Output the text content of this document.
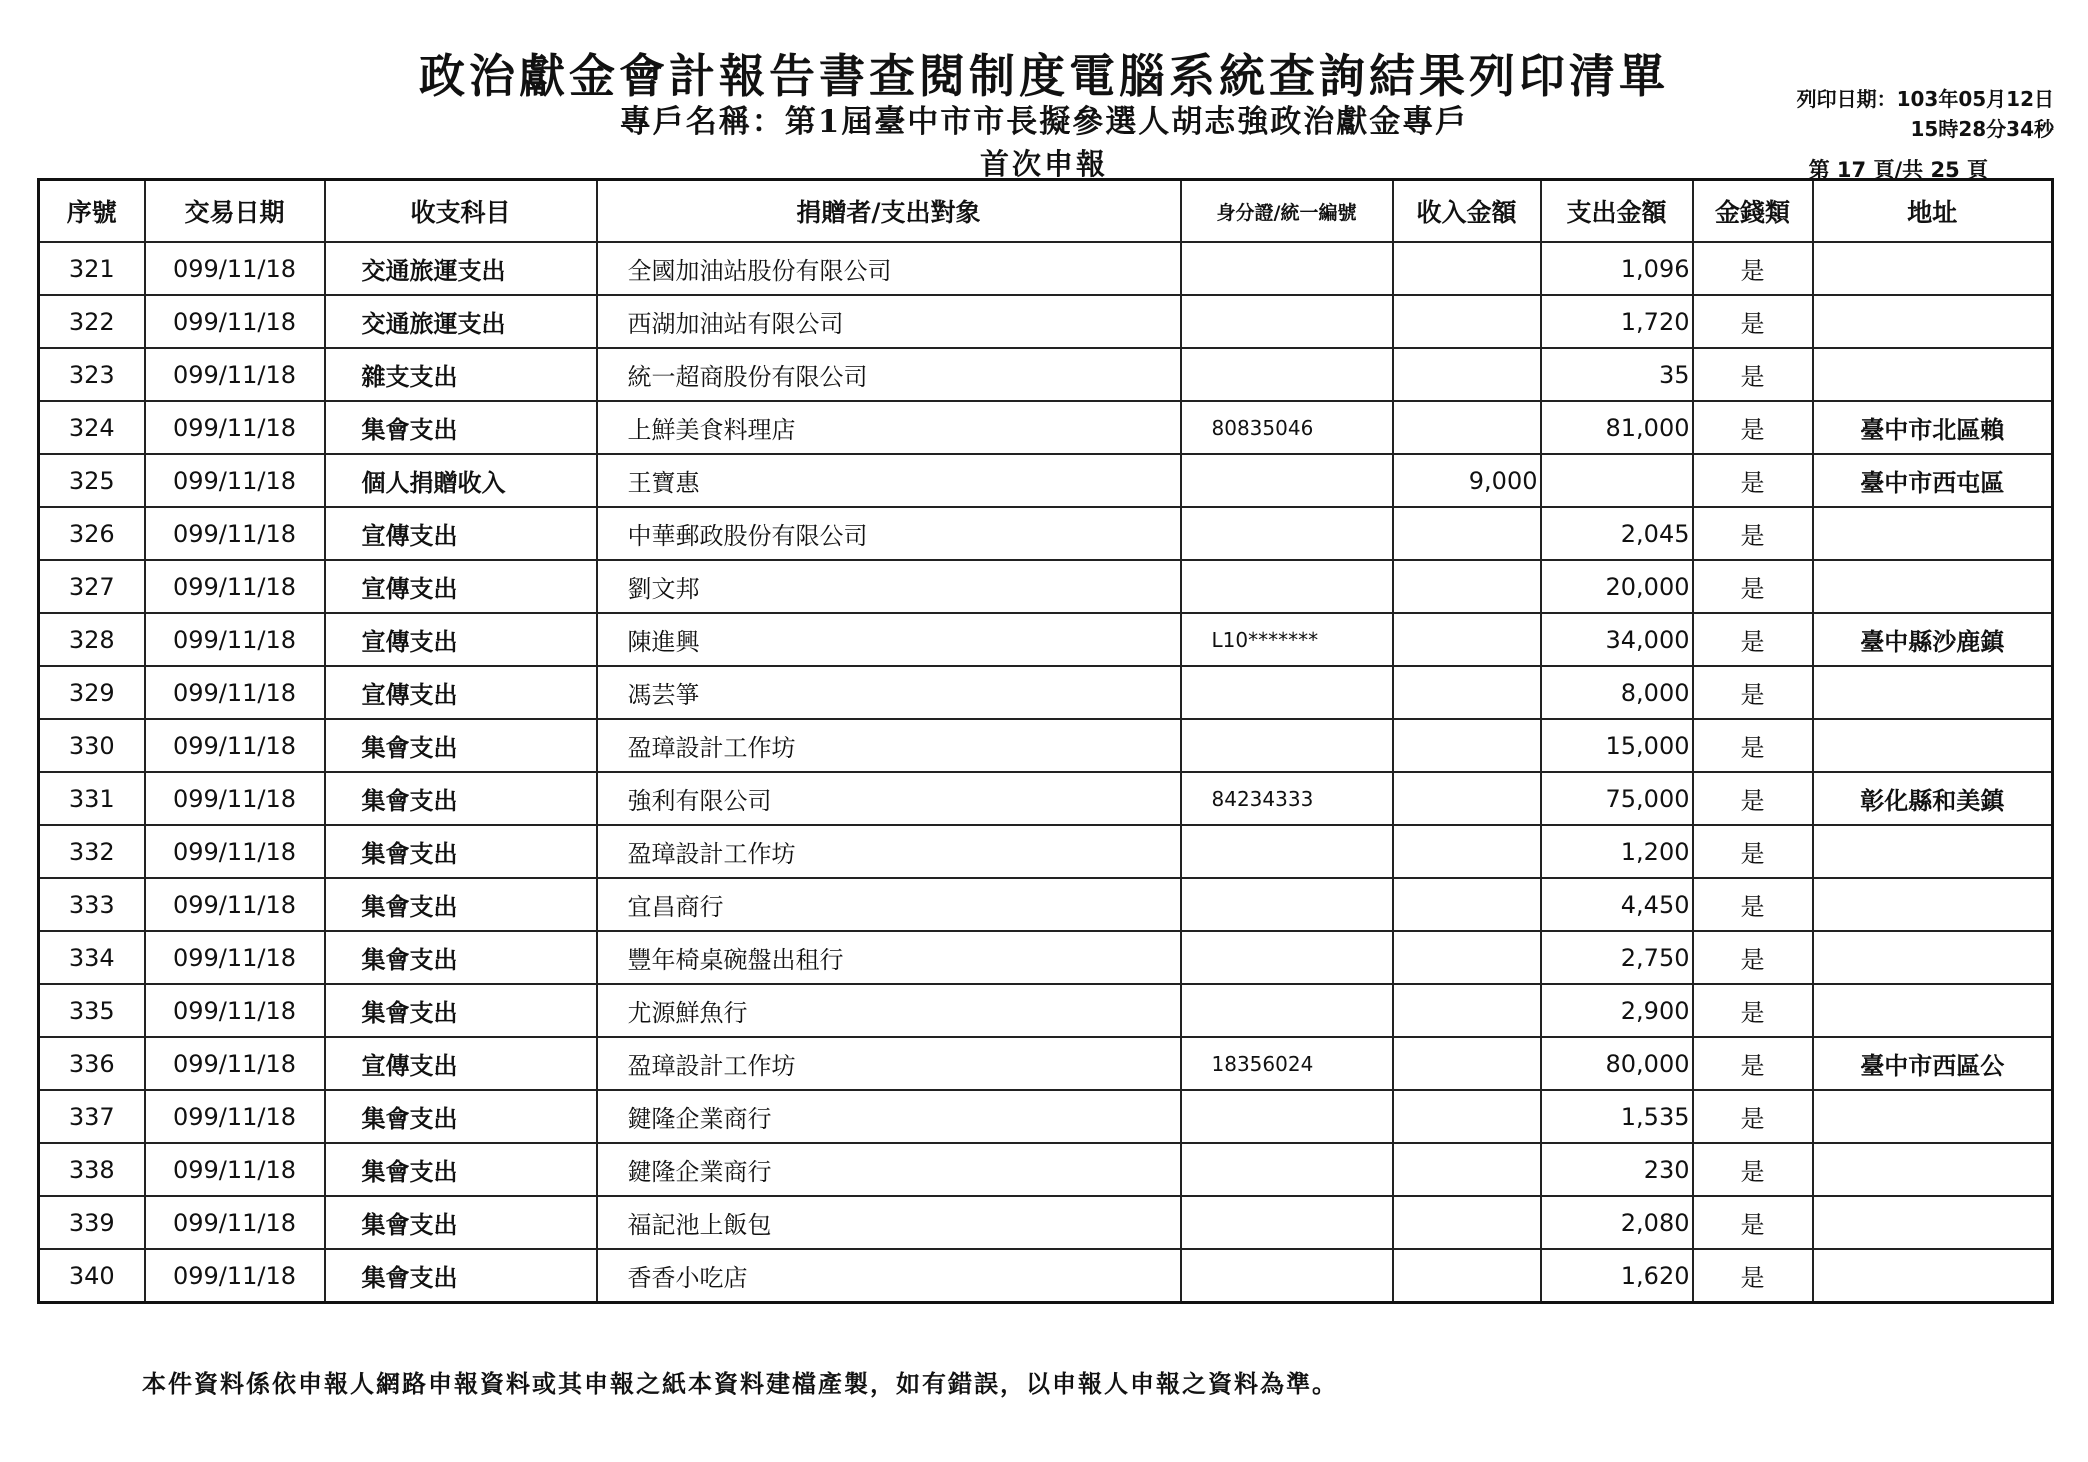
政治獻金會計報告書查閱制度電腦系統查詢結果列印清單
專戶名稱：第1屆臺中市市長擬參選人胡志強政治獻金專戶
首次申報
列印日期：103年05月12日
15時28分34秒
第 17 頁/共 25 頁
序號	交易日期	收支科目	捐贈者/支出對象	身分證/統一編號	收入金額	支出金額	金錢類	地址
321	099/11/18	交通旅運支出	全國加油站股份有限公司			1,096	是	
322	099/11/18	交通旅運支出	西湖加油站有限公司			1,720	是	
323	099/11/18	雜支支出	統一超商股份有限公司			35	是	
324	099/11/18	集會支出	上鮮美食料理店	80835046		81,000	是	臺中市北區賴
325	099/11/18	個人捐贈收入	王寶惠		9,000		是	臺中市西屯區
326	099/11/18	宣傳支出	中華郵政股份有限公司			2,045	是	
327	099/11/18	宣傳支出	劉文邦			20,000	是	
328	099/11/18	宣傳支出	陳進興	L10*******		34,000	是	臺中縣沙鹿鎮
329	099/11/18	宣傳支出	馮芸箏			8,000	是	
330	099/11/18	集會支出	盈璋設計工作坊			15,000	是	
331	099/11/18	集會支出	強利有限公司	84234333		75,000	是	彰化縣和美鎮
332	099/11/18	集會支出	盈璋設計工作坊			1,200	是	
333	099/11/18	集會支出	宜昌商行			4,450	是	
334	099/11/18	集會支出	豐年椅桌碗盤出租行			2,750	是	
335	099/11/18	集會支出	尤源鮮魚行			2,900	是	
336	099/11/18	宣傳支出	盈璋設計工作坊	18356024		80,000	是	臺中市西區公
337	099/11/18	集會支出	鍵隆企業商行			1,535	是	
338	099/11/18	集會支出	鍵隆企業商行			230	是	
339	099/11/18	集會支出	福記池上飯包			2,080	是	
340	099/11/18	集會支出	香香小吃店			1,620	是	
本件資料係依申報人網路申報資料或其申報之紙本資料建檔產製，如有錯誤，以申報人申報之資料為準。
